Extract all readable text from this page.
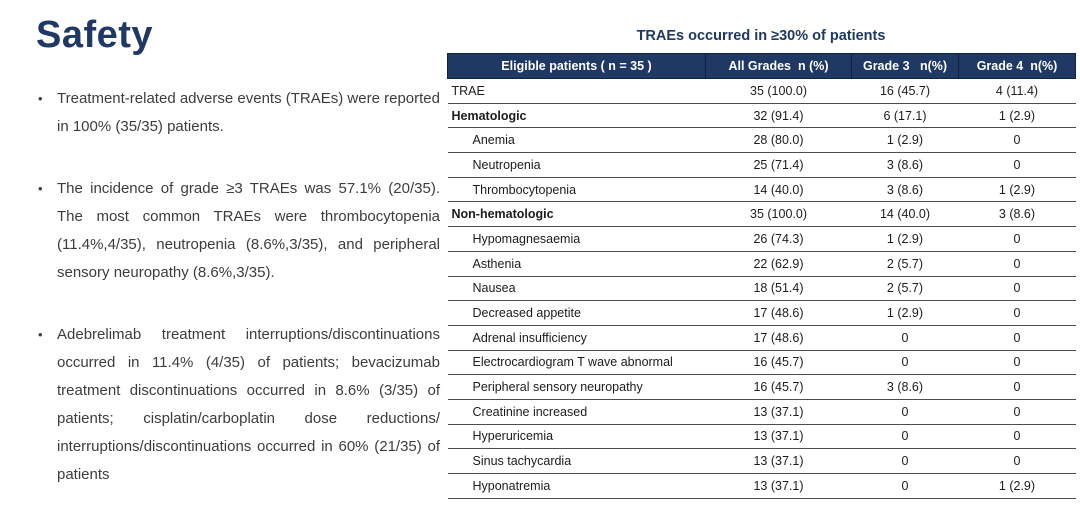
Safety
• Treatment-related adverse events (TRAEs) were reported in 100% (35/35) patients.
• The incidence of grade ≥3 TRAEs was 57.1% (20/35). The most common TRAEs were thrombocytopenia (11.4%,4/35), neutropenia (8.6%,3/35), and peripheral sensory neuropathy (8.6%,3/35).
• Adebrelimab treatment interruptions/discontinuations occurred in 11.4% (4/35) of patients; bevacizumab treatment discontinuations occurred in 8.6% (3/35) of patients; cisplatin/carboplatin dose reductions/ interruptions/discontinuations occurred in 60% (21/35) of patients
TRAEs occurred in ≥30% of patients
Eligible patients ( n = 35 )	All Grades  n (%)	Grade 3   n(%)	Grade 4  n(%)
TRAE	35 (100.0)	16 (45.7)	4 (11.4)
Hematologic	32 (91.4)	6 (17.1)	1 (2.9)
Anemia	28 (80.0)	1 (2.9)	0
Neutropenia	25 (71.4)	3 (8.6)	0
Thrombocytopenia	14 (40.0)	3 (8.6)	1 (2.9)
Non-hematologic	35 (100.0)	14 (40.0)	3 (8.6)
Hypomagnesaemia	26 (74.3)	1 (2.9)	0
Asthenia	22 (62.9)	2 (5.7)	0
Nausea	18 (51.4)	2 (5.7)	0
Decreased appetite	17 (48.6)	1 (2.9)	0
Adrenal insufficiency	17 (48.6)	0	0
Electrocardiogram T wave abnormal	16 (45.7)	0	0
Peripheral sensory neuropathy	16 (45.7)	3 (8.6)	0
Creatinine increased	13 (37.1)	0	0
Hyperuricemia	13 (37.1)	0	0
Sinus tachycardia	13 (37.1)	0	0
Hyponatremia	13 (37.1)	0	1 (2.9)
